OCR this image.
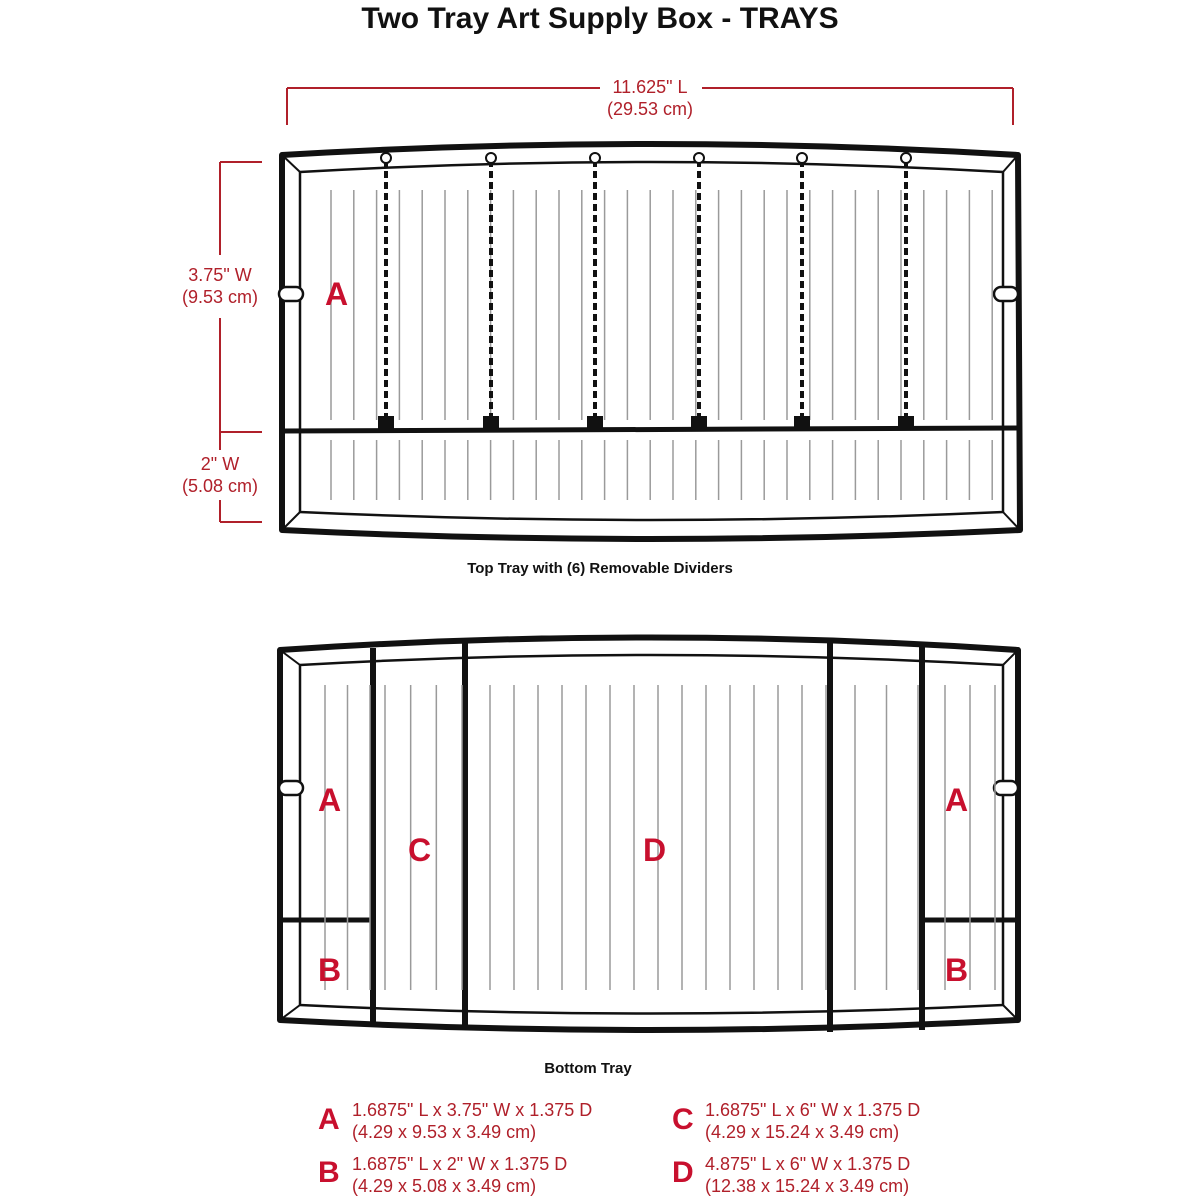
Two Tray Art Supply Box - TRAYS
11.625" L
(29.53 cm)
3.75" W
(9.53 cm)
2" W
(5.08 cm)
A
Top Tray with (6) Removable Dividers
A
B
C	D
A
B
Bottom Tray
A 1.6875" L x 3.75" W x 1.375 D
(4.29 x 9.53 x 3.49 cm)
B 1.6875" L x 2" W x 1.375 D
(4.29 x 5.08 x 3.49 cm)
C 1.6875" L x 6" W x 1.375 D
(4.29 x 15.24 x 3.49 cm)
D 4.875" L x 6" W x 1.375 D
(12.38 x 15.24 x 3.49 cm)
